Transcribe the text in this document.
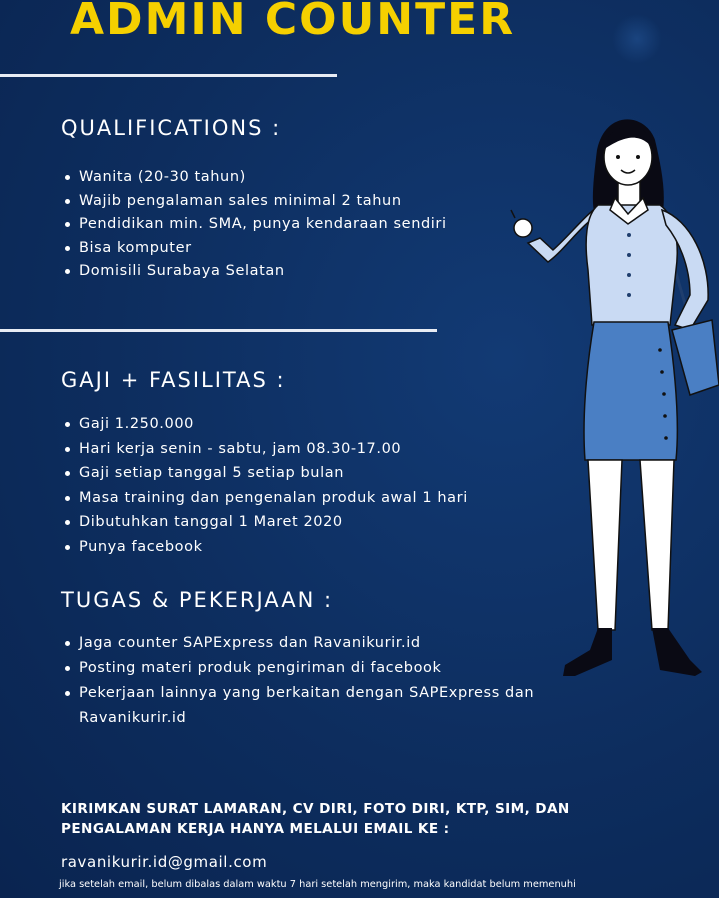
ADMIN COUNTER
QUALIFICATIONS :
Wanita (20-30 tahun)
Wajib pengalaman sales minimal 2 tahun
Pendidikan min. SMA, punya kendaraan sendiri
Bisa komputer
Domisili Surabaya Selatan
GAJI + FASILITAS :
Gaji 1.250.000
Hari kerja senin - sabtu, jam 08.30-17.00
Gaji setiap tanggal 5 setiap bulan
Masa training dan pengenalan produk awal 1 hari
Dibutuhkan tanggal 1 Maret 2020
Punya facebook
TUGAS & PEKERJAAN :
Jaga counter SAPExpress dan Ravanikurir.id
Posting materi produk pengiriman di facebook
Pekerjaan lainnya yang berkaitan dengan SAPExpress dan Ravanikurir.id

KIRIMKAN SURAT LAMARAN, CV DIRI, FOTO DIRI, KTP, SIM, DAN PENGALAMAN KERJA HANYA MELALUI EMAIL KE :

ravanikurir.id@gmail.com
jika setelah email, belum dibalas dalam waktu 7 hari setelah mengirim, maka kandidat belum memenuhi
